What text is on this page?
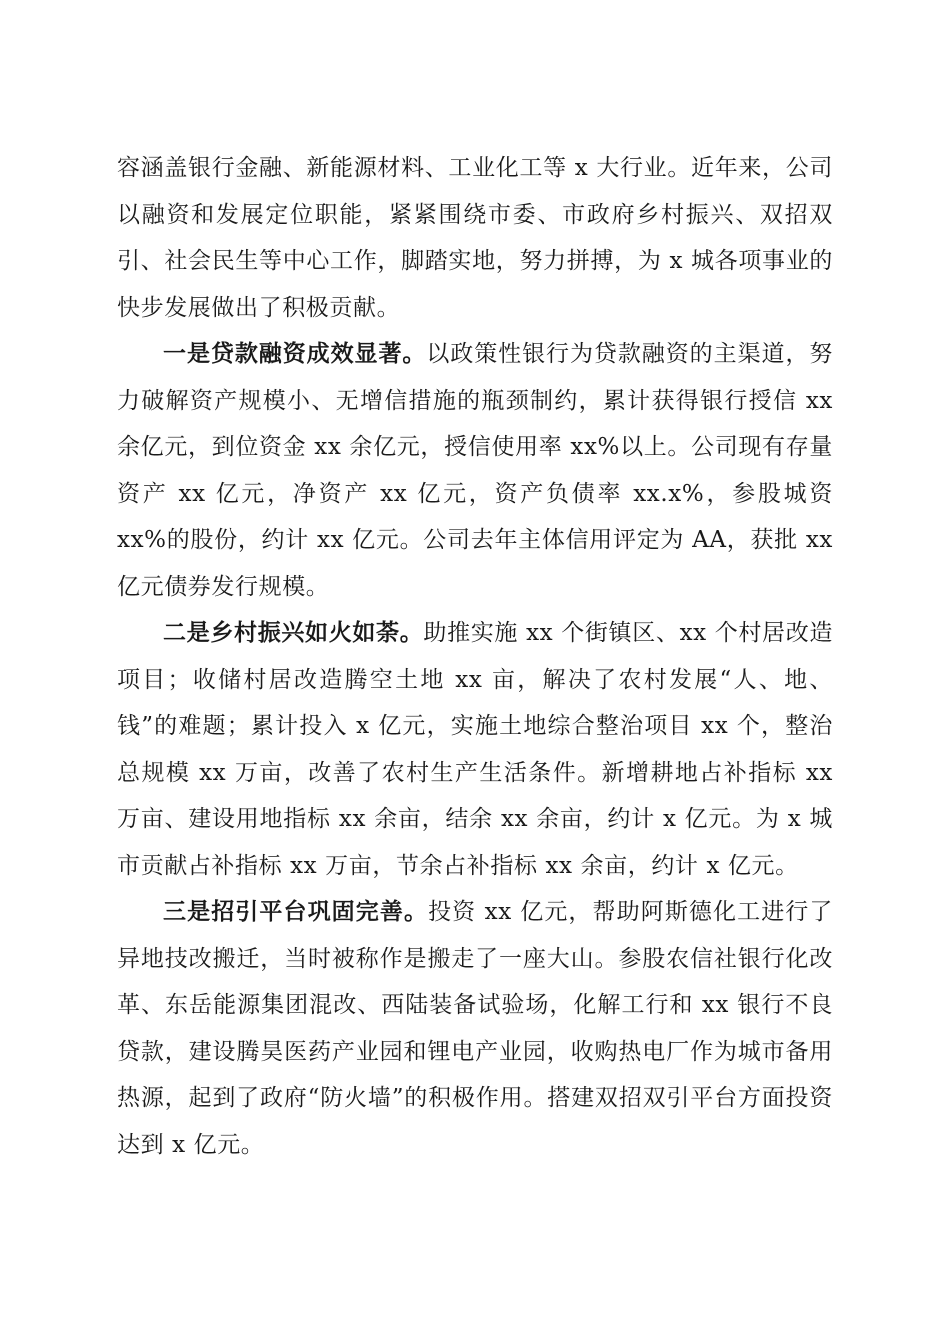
容涵盖银行金融、新能源材料、工业化工等 x 大行业。近年来，公司以融资和发展定位职能，紧紧围绕市委、市政府乡村振兴、双招双引、社会民生等中心工作，脚踏实地，努力拼搏，为 x 城各项事业的快步发展做出了积极贡献。

一是贷款融资成效显著。以政策性银行为贷款融资的主渠道，努力破解资产规模小、无增信措施的瓶颈制约，累计获得银行授信 xx 余亿元，到位资金 xx 余亿元，授信使用率 xx%以上。公司现有存量资产 xx 亿元，净资产 xx 亿元，资产负债率 xx.x%，参股城资 xx%的股份，约计 xx 亿元。公司去年主体信用评定为 AA，获批 xx 亿元债券发行规模。

二是乡村振兴如火如荼。助推实施 xx 个街镇区、xx 个村居改造项目；收储村居改造腾空土地 xx 亩，解决了农村发展“人、地、钱”的难题；累计投入 x 亿元，实施土地综合整治项目 xx 个，整治总规模 xx 万亩，改善了农村生产生活条件。新增耕地占补指标 xx 万亩、建设用地指标 xx 余亩，结余 xx 余亩，约计 x 亿元。为 x 城市贡献占补指标 xx 万亩，节余占补指标 xx 余亩，约计 x 亿元。

三是招引平台巩固完善。投资 xx 亿元，帮助阿斯德化工进行了异地技改搬迁，当时被称作是搬走了一座大山。参股农信社银行化改革、东岳能源集团混改、西陆装备试验场，化解工行和 xx 银行不良贷款，建设腾昊医药产业园和锂电产业园，收购热电厂作为城市备用热源，起到了政府“防火墙”的积极作用。搭建双招双引平台方面投资达到 x 亿元。
